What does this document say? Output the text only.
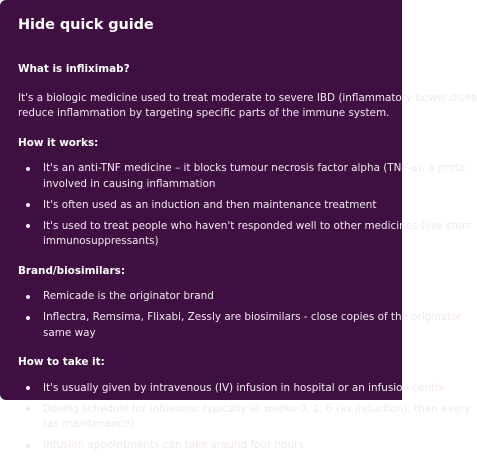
Hide quick guide
What is infliximab?

It's a biologic medicine used to treat moderate to severe IBD (inflammatory bowel disea

reduce inflammation by targeting specific parts of the immune system.

How it works:
It's an anti-TNF medicine – it blocks tumour necrosis factor alpha (TNF-a), a prote
involved in causing inflammation
It's often used as an induction and then maintenance treatment
It's used to treat people who haven't responded well to other medicines (like sterc
immunosuppressants)
Brand/biosimilars:
Remicade is the originator brand
Inflectra, Remsima, Flixabi, Zessly are biosimilars - close copies of the originator
same way
How to take it:
It's usually given by intravenous (IV) infusion in hospital or an infusion centre
Dosing schedule for infusions: typically at weeks 0, 2, 6 (as induction), then every
(as maintenance)
Infusion appointments can take around four hours
